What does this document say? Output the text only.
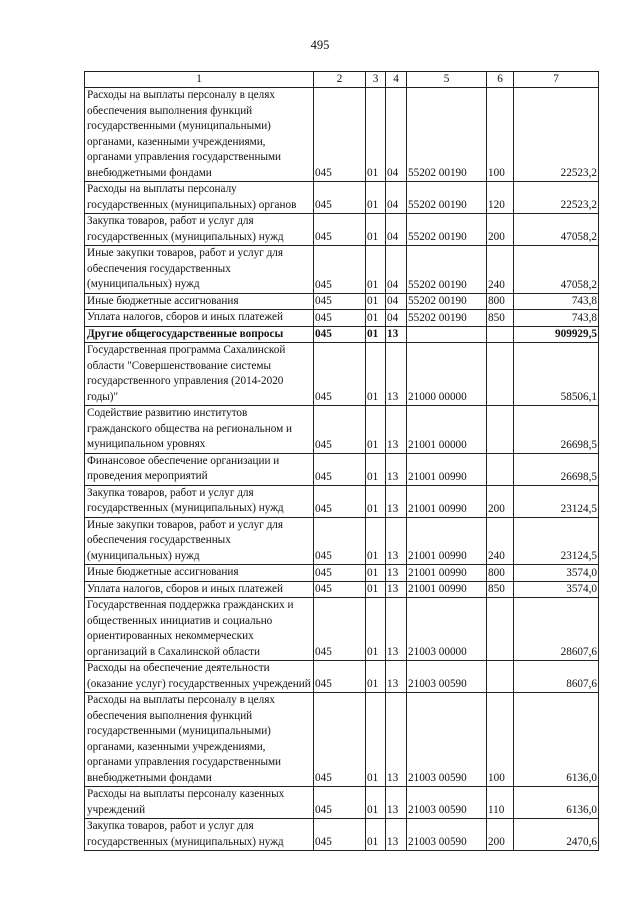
495
1	2	3	4	5	6	7
Расходы на выплаты персоналу в целях обеспечения выполнения функций государственными (муниципальными) органами, казенными учреждениями, органами управления государственными внебюджетными фондами	045	01	04	55202 00190	100	22523,2
Расходы на выплаты персоналу государственных (муниципальных) органов	045	01	04	55202 00190	120	22523,2
Закупка товаров, работ и услуг для государственных (муниципальных) нужд	045	01	04	55202 00190	200	47058,2
Иные закупки товаров, работ и услуг для обеспечения государственных (муниципальных) нужд	045	01	04	55202 00190	240	47058,2
Иные бюджетные ассигнования	045	01	04	55202 00190	800	743,8
Уплата налогов, сборов и иных платежей	045	01	04	55202 00190	850	743,8
Другие общегосударственные вопросы	045	01	13			909929,5
Государственная программа Сахалинской области "Совершенствование системы государственного управления (2014-2020 годы)"	045	01	13	21000 00000		58506,1
Содействие развитию институтов гражданского общества на региональном и муниципальном уровнях	045	01	13	21001 00000		26698,5
Финансовое обеспечение организации и проведения мероприятий	045	01	13	21001 00990		26698,5
Закупка товаров, работ и услуг для государственных (муниципальных) нужд	045	01	13	21001 00990	200	23124,5
Иные закупки товаров, работ и услуг для обеспечения государственных (муниципальных) нужд	045	01	13	21001 00990	240	23124,5
Иные бюджетные ассигнования	045	01	13	21001 00990	800	3574,0
Уплата налогов, сборов и иных платежей	045	01	13	21001 00990	850	3574,0
Государственная поддержка гражданских и общественных инициатив и социально ориентированных некоммерческих организаций в Сахалинской области	045	01	13	21003 00000		28607,6
Расходы на обеспечение деятельности (оказание услуг) государственных учреждений	045	01	13	21003 00590		8607,6
Расходы на выплаты персоналу в целях обеспечения выполнения функций государственными (муниципальными) органами, казенными учреждениями, органами управления государственными внебюджетными фондами	045	01	13	21003 00590	100	6136,0
Расходы на выплаты персоналу казенных учреждений	045	01	13	21003 00590	110	6136,0
Закупка товаров, работ и услуг для государственных (муниципальных) нужд	045	01	13	21003 00590	200	2470,6
